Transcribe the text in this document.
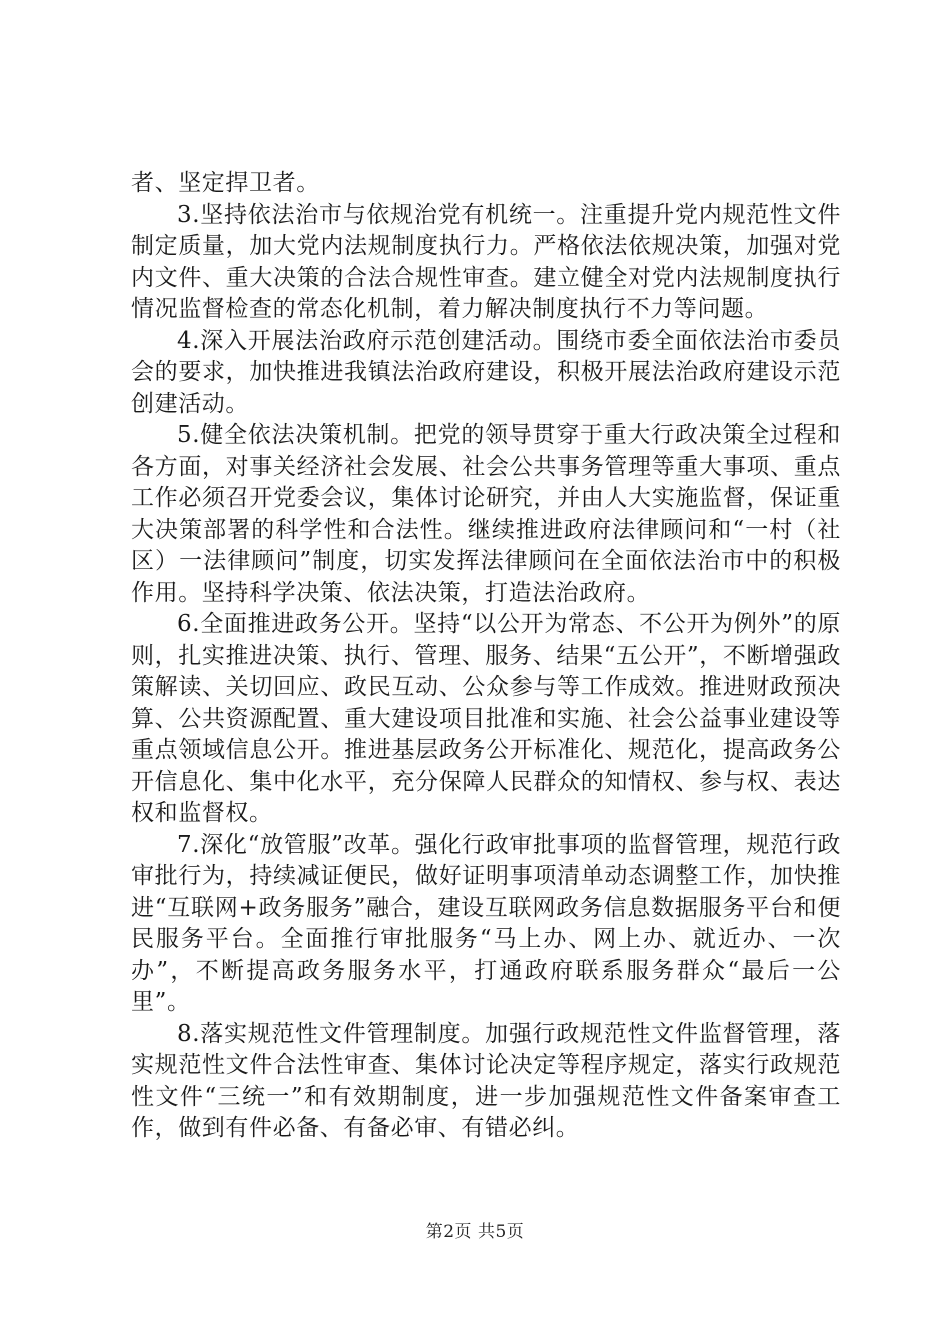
者、坚定捍卫者。

3.坚持依法治市与依规治党有机统一。注重提升党内规范性文件制定质量，加大党内法规制度执行力。严格依法依规决策，加强对党内文件、重大决策的合法合规性审查。建立健全对党内法规制度执行情况监督检查的常态化机制，着力解决制度执行不力等问题。

4.深入开展法治政府示范创建活动。围绕市委全面依法治市委员会的要求，加快推进我镇法治政府建设，积极开展法治政府建设示范创建活动。

5.健全依法决策机制。把党的领导贯穿于重大行政决策全过程和各方面，对事关经济社会发展、社会公共事务管理等重大事项、重点工作必须召开党委会议，集体讨论研究，并由人大实施监督，保证重大决策部署的科学性和合法性。继续推进政府法律顾问和“一村（社区）一法律顾问”制度，切实发挥法律顾问在全面依法治市中的积极作用。坚持科学决策、依法决策，打造法治政府。

6.全面推进政务公开。坚持“以公开为常态、不公开为例外”的原则，扎实推进决策、执行、管理、服务、结果“五公开”，不断增强政策解读、关切回应、政民互动、公众参与等工作成效。推进财政预决算、公共资源配置、重大建设项目批准和实施、社会公益事业建设等重点领域信息公开。推进基层政务公开标准化、规范化，提高政务公开信息化、集中化水平，充分保障人民群众的知情权、参与权、表达权和监督权。

7.深化“放管服”改革。强化行政审批事项的监督管理，规范行政审批行为，持续减证便民，做好证明事项清单动态调整工作，加快推进“互联网+政务服务”融合，建设互联网政务信息数据服务平台和便民服务平台。全面推行审批服务“马上办、网上办、就近办、一次办”，不断提高政务服务水平，打通政府联系服务群众“最后一公里”。

8.落实规范性文件管理制度。加强行政规范性文件监督管理，落实规范性文件合法性审查、集体讨论决定等程序规定，落实行政规范性文件“三统一”和有效期制度，进一步加强规范性文件备案审查工作，做到有件必备、有备必审、有错必纠。

第2页 共5页
